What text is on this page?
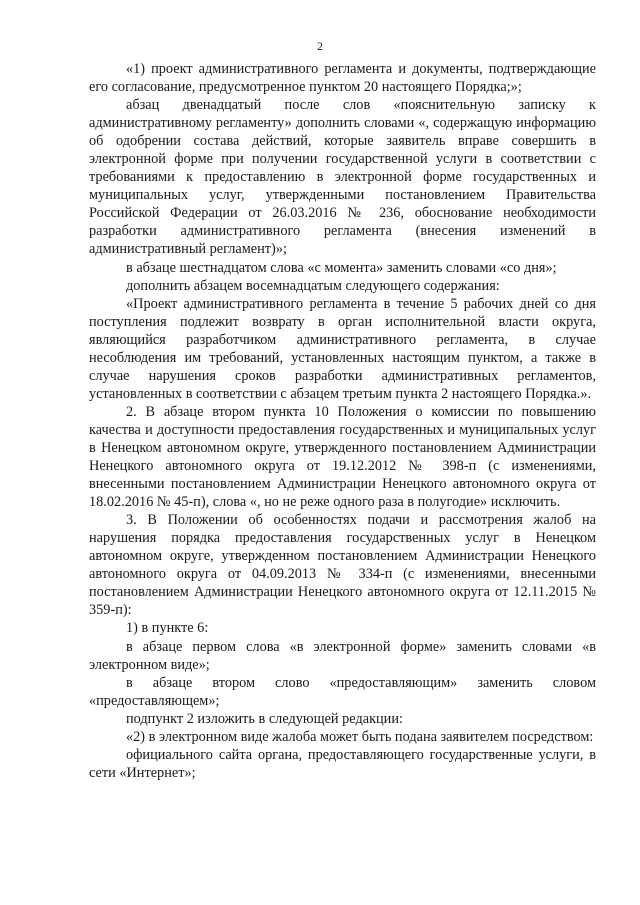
2

«1) проект административного регламента и документы, подтверждающие его согласование, предусмотренное пунктом 20 настоящего Порядка;»;

абзац двенадцатый после слов «пояснительную записку к административному регламенту» дополнить словами «, содержащую информацию об одобрении состава действий, которые заявитель вправе совершить в электронной форме при получении государственной услуги в соответствии с требованиями к предоставлению в электронной форме государственных и муниципальных услуг, утвержденными постановлением Правительства Российской Федерации от 26.03.2016 № 236, обоснование необходимости разработки административного регламента (внесения изменений в административный регламент)»;

в абзаце шестнадцатом слова «с момента» заменить словами «со дня»;

дополнить абзацем восемнадцатым следующего содержания:

«Проект административного регламента в течение 5 рабочих дней со дня поступления подлежит возврату в орган исполнительной власти округа, являющийся разработчиком административного регламента, в случае несоблюдения им требований, установленных настоящим пунктом, а также в случае нарушения сроков разработки административных регламентов, установленных в соответствии с абзацем третьим пункта 2 настоящего Порядка.».

2. В абзаце втором пункта 10 Положения о комиссии по повышению качества и доступности предоставления государственных и муниципальных услуг в Ненецком автономном округе, утвержденного постановлением Администрации Ненецкого автономного округа от 19.12.2012 № 398-п (с изменениями, внесенными постановлением Администрации Ненецкого автономного округа от 18.02.2016 № 45-п), слова «, но не реже одного раза в полугодие» исключить.

3. В Положении об особенностях подачи и рассмотрения жалоб на нарушения порядка предоставления государственных услуг в Ненецком автономном округе, утвержденном постановлением Администрации Ненецкого автономного округа от 04.09.2013 № 334-п (с изменениями, внесенными постановлением Администрации Ненецкого автономного округа от 12.11.2015 № 359-п):

1) в пункте 6:

в абзаце первом слова «в электронной форме» заменить словами «в электронном виде»;

в абзаце втором слово «предоставляющим» заменить словом «предоставляющем»;

подпункт 2 изложить в следующей редакции:

«2) в электронном виде жалоба может быть подана заявителем посредством:

официального сайта органа, предоставляющего государственные услуги, в сети «Интернет»;
